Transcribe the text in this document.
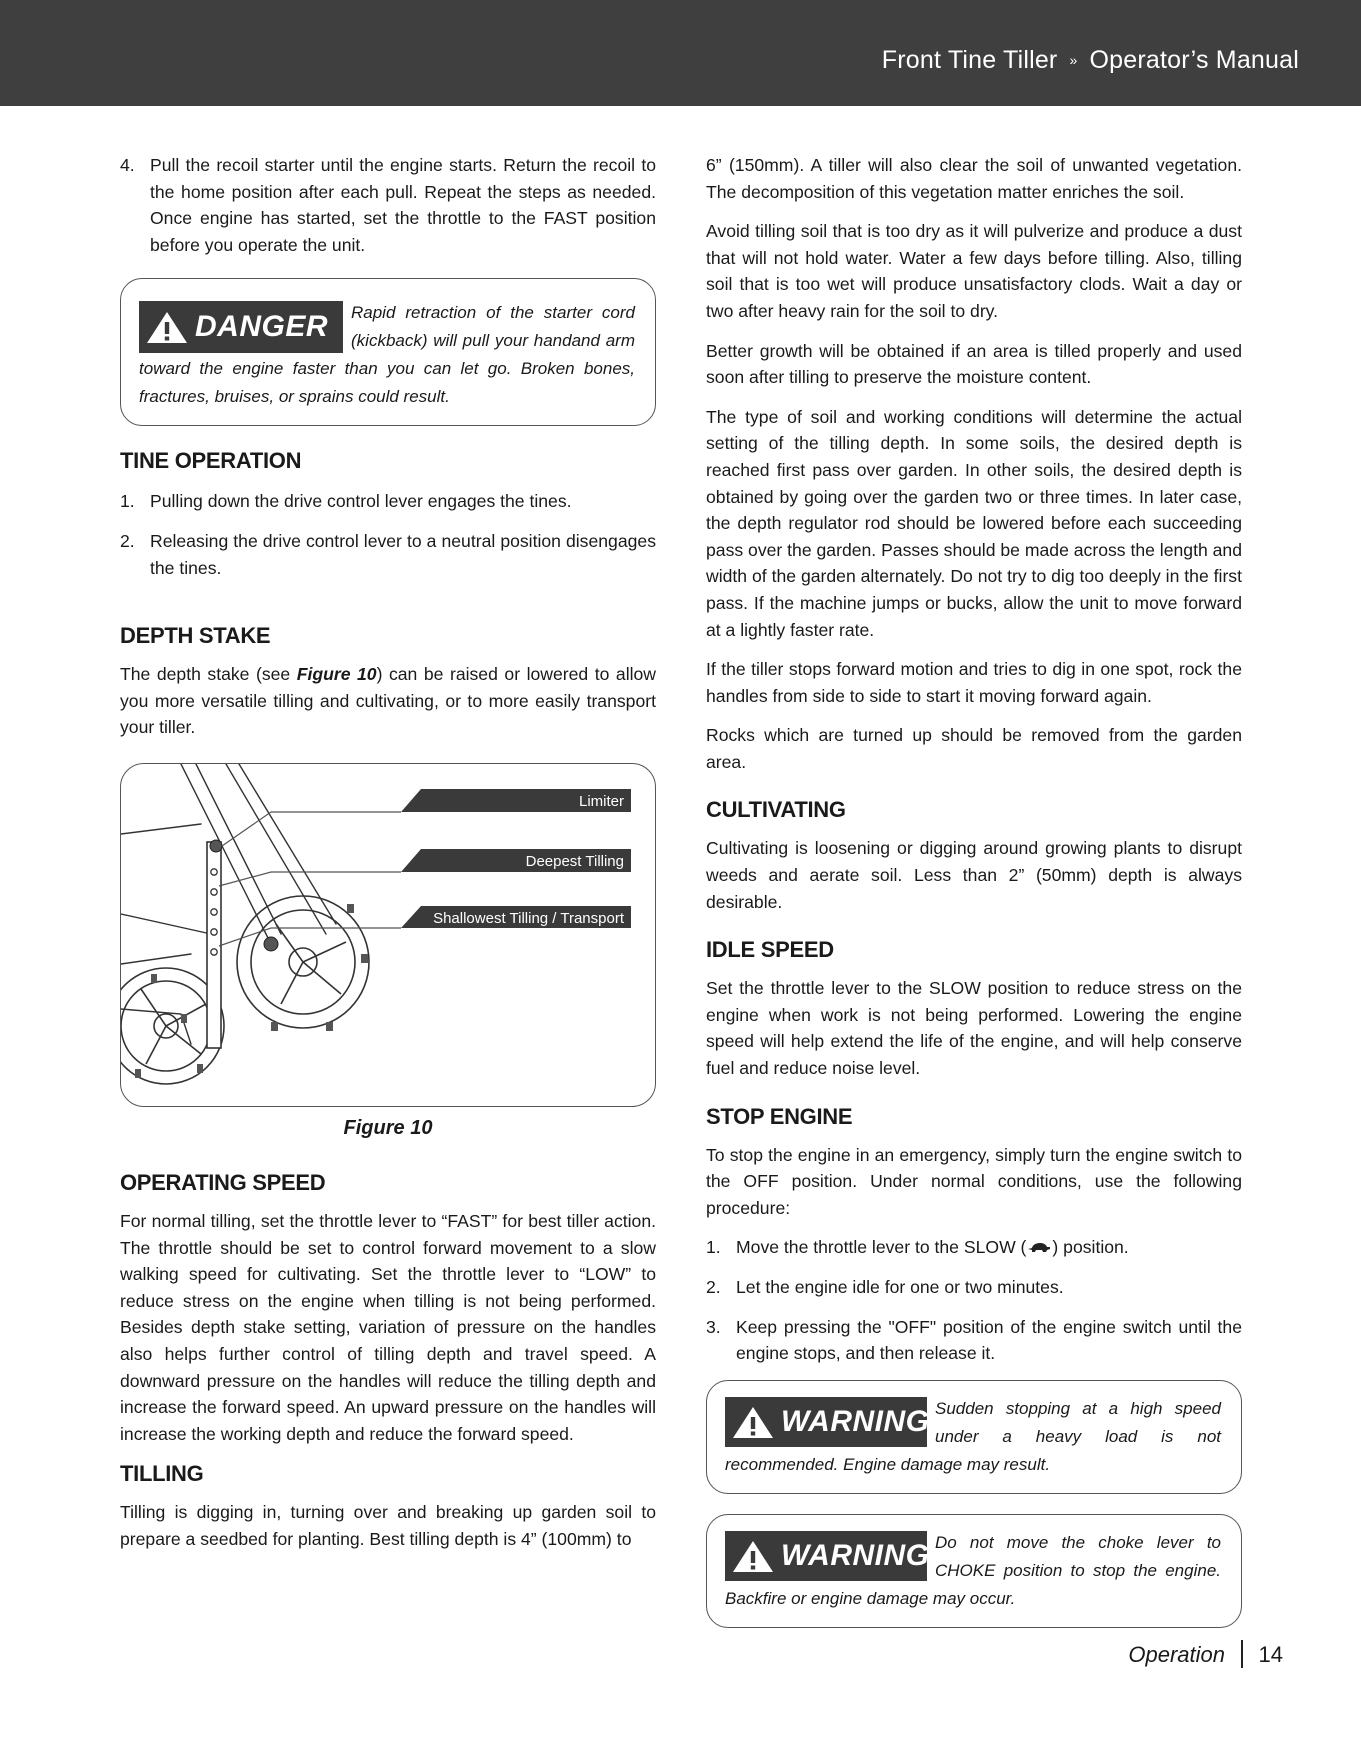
Front Tine Tiller » Operator’s Manual
4. Pull the recoil starter until the engine starts. Return the recoil to the home position after each pull. Repeat the steps as needed. Once engine has started, set the throttle to the FAST position before you operate the unit.
DANGER	Rapid retraction of the starter cord (kickback) will pull your handand arm toward the engine faster than you can let go. Broken bones, fractures, bruises, or sprains could result.
TINE OPERATION
1. Pulling down the drive control lever engages the tines.
2. Releasing the drive control lever to a neutral position disengages the tines.
DEPTH STAKE

The depth stake (see Figure 10) can be raised or lowered to allow you more versatile tilling and cultivating, or to more easily transport your tiller.

Limiter
Deepest Tilling
Shallowest Tilling / Transport
Figure 10
OPERATING SPEED

For normal tilling, set the throttle lever to “FAST” for best tiller action. The throttle should be set to control forward movement to a slow walking speed for cultivating. Set the throttle lever to “LOW” to reduce stress on the engine when tilling is not being performed. Besides depth stake setting, variation of pressure on the handles also helps further control of tilling depth and travel speed. A downward pressure on the handles will reduce the tilling depth and increase the forward speed. An upward pressure on the handles will increase the working depth and reduce the forward speed.

TILLING

Tilling is digging in, turning over and breaking up garden soil to prepare a seedbed for planting. Best tilling depth is 4” (100mm) to

6” (150mm). A tiller will also clear the soil of unwanted vegetation. The decomposition of this vegetation matter enriches the soil.

Avoid tilling soil that is too dry as it will pulverize and produce a dust that will not hold water. Water a few days before tilling. Also, tilling soil that is too wet will produce unsatisfactory clods. Wait a day or two after heavy rain for the soil to dry.

Better growth will be obtained if an area is tilled properly and used soon after tilling to preserve the moisture content.

The type of soil and working conditions will determine the actual setting of the tilling depth. In some soils, the desired depth is reached first pass over garden. In other soils, the desired depth is obtained by going over the garden two or three times. In later case, the depth regulator rod should be lowered before each succeeding pass over the garden. Passes should be made across the length and width of the garden alternately. Do not try to dig too deeply in the first pass. If the machine jumps or bucks, allow the unit to move forward at a lightly faster rate.

If the tiller stops forward motion and tries to dig in one spot, rock the handles from side to side to start it moving forward again.

Rocks which are turned up should be removed from the garden area.

CULTIVATING

Cultivating is loosening or digging around growing plants to disrupt weeds and aerate soil. Less than 2” (50mm) depth is always desirable.

IDLE SPEED

Set the throttle lever to the SLOW position to reduce stress on the engine when work is not being performed. Lowering the engine speed will help extend the life of the engine, and will help conserve fuel and reduce noise level.

STOP ENGINE

To stop the engine in an emergency, simply turn the engine switch to the OFF position. Under normal conditions, use the following procedure:

1. Move the throttle lever to the SLOW ( ) position.
2. Let the engine idle for one or two minutes.
3. Keep pressing the "OFF" position of the engine switch until the engine stops, and then release it.
WARNING Sudden stopping at a high speed under a heavy load is not recommended. Engine damage may result.
WARNING Do not move the choke lever to CHOKE position to stop the engine. Backfire or engine damage may occur.
Operation 14
